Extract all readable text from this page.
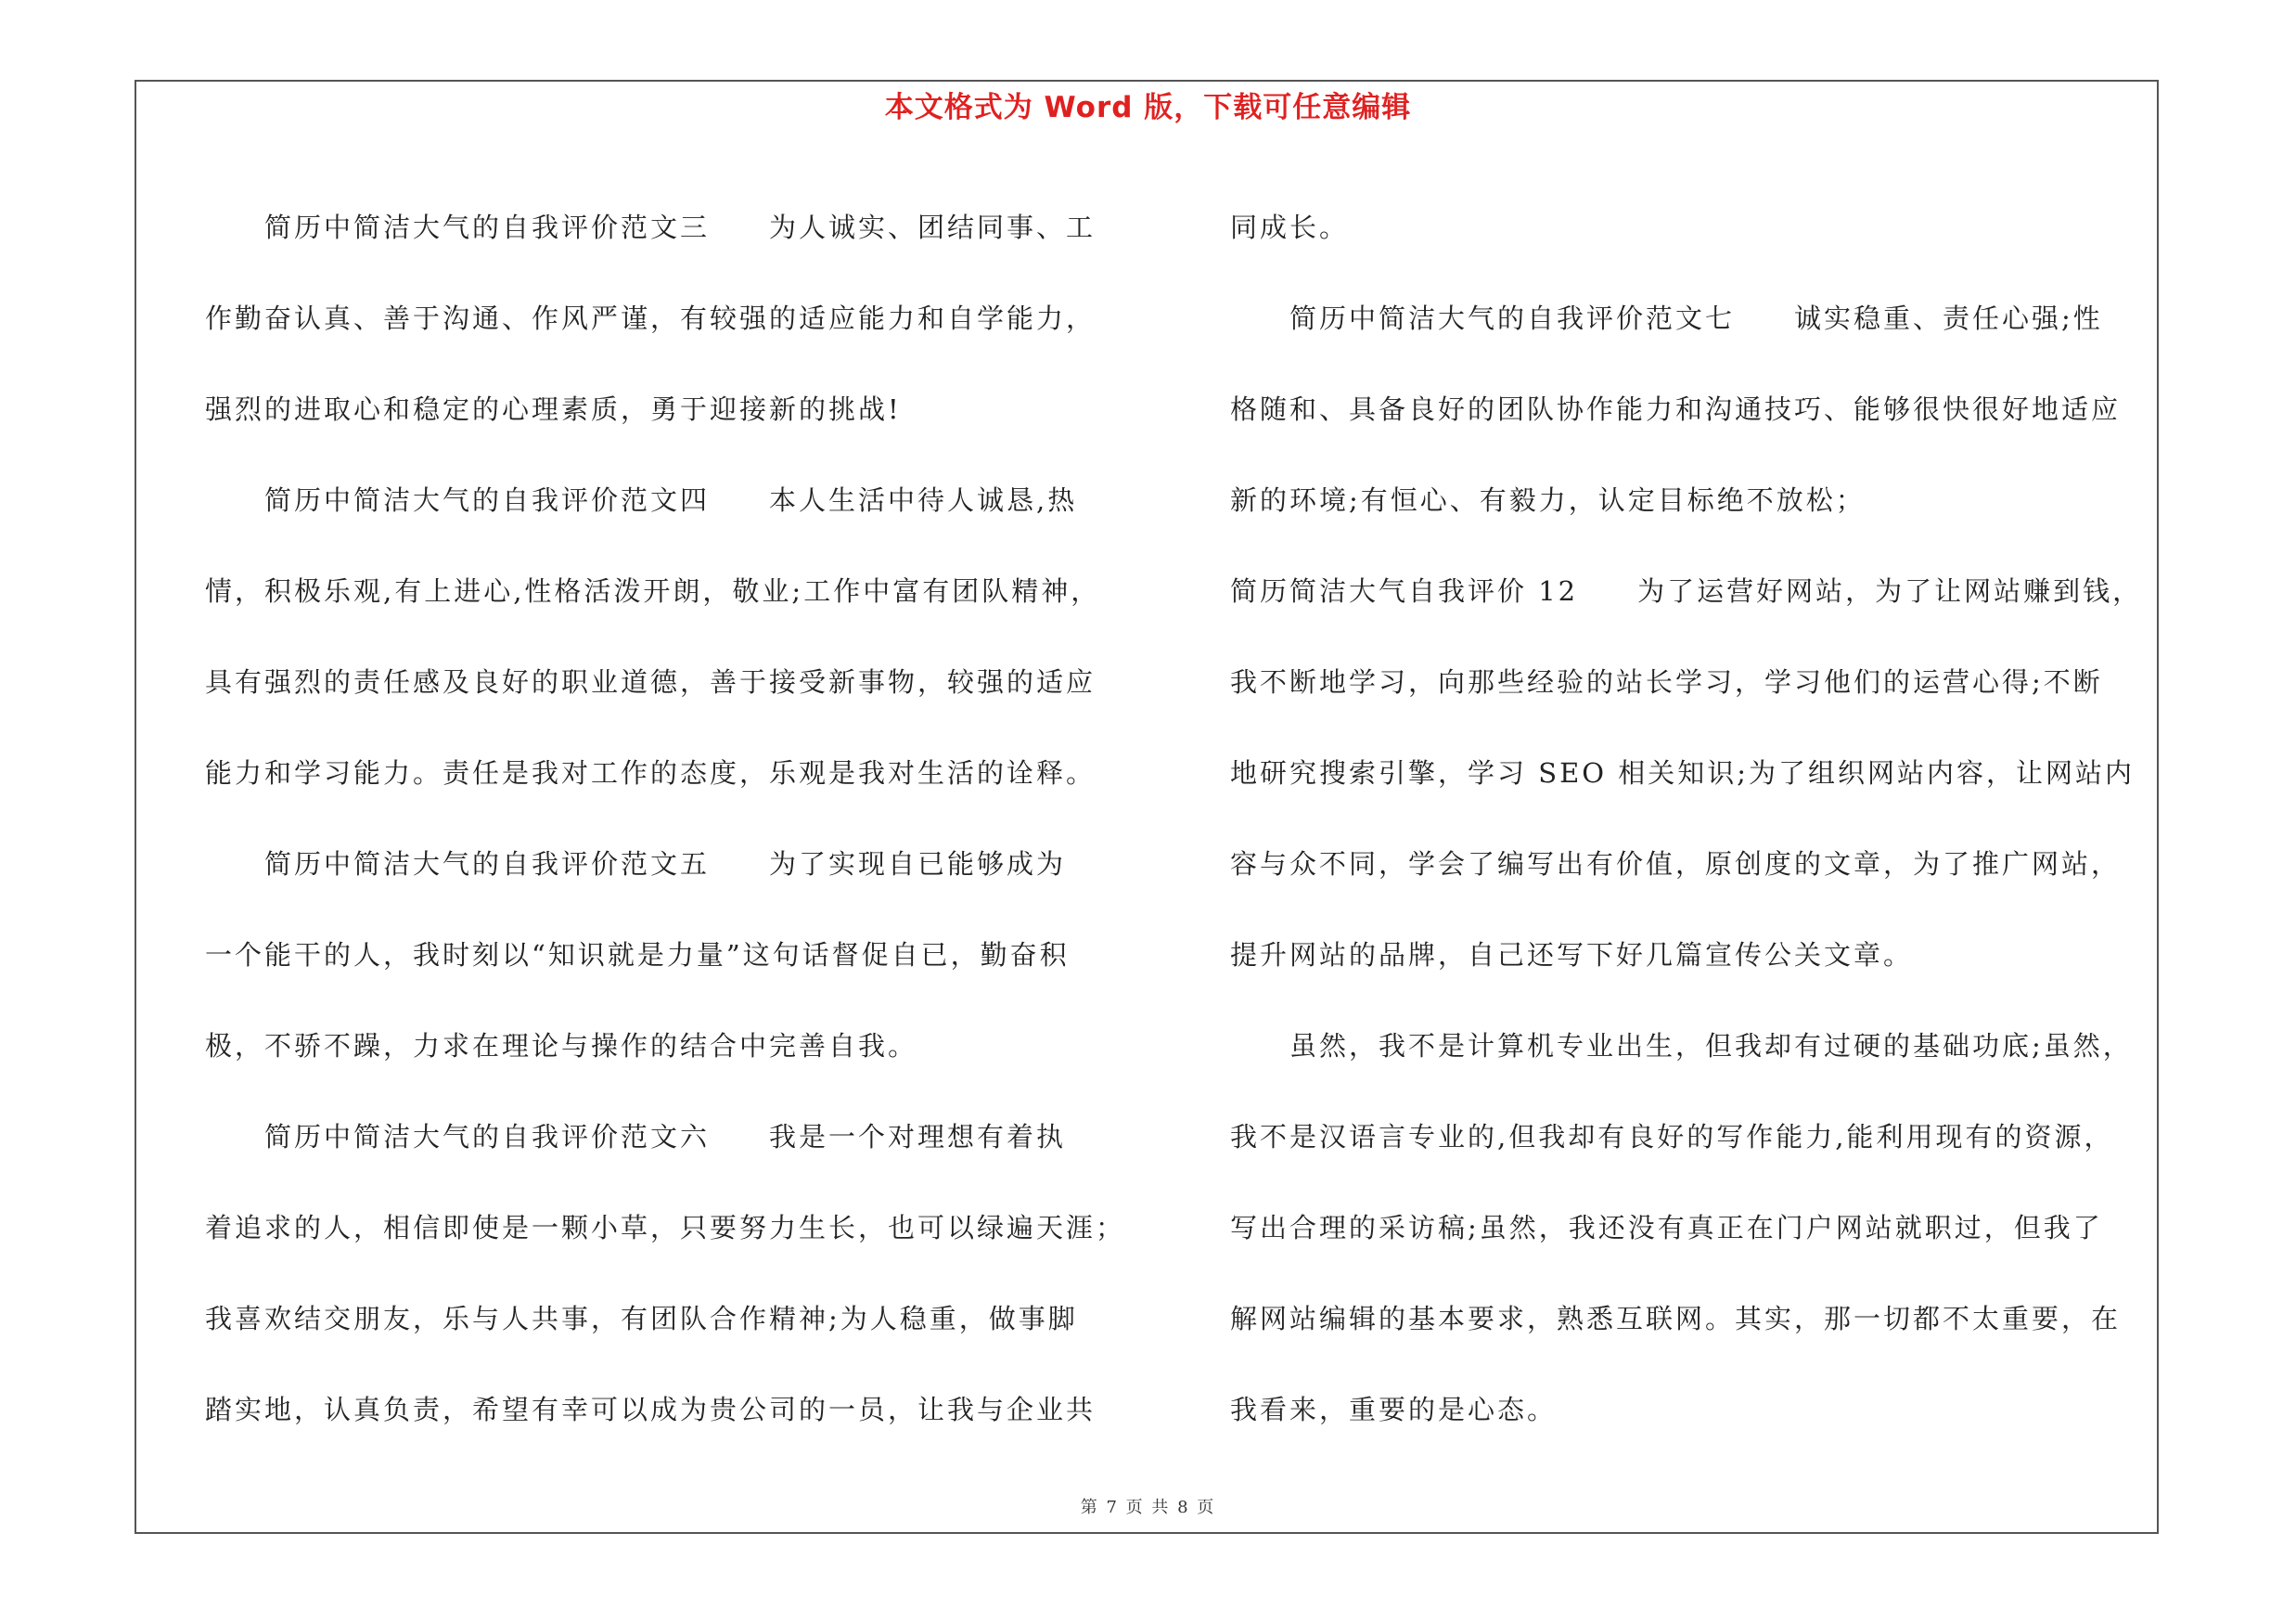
本文格式为 Word 版，下载可任意编辑
　　简历中简洁大气的自我评价范文三　　为人诚实、团结同事、工
作勤奋认真、善于沟通、作风严谨，有较强的适应能力和自学能力，
强烈的进取心和稳定的心理素质，勇于迎接新的挑战!
　　简历中简洁大气的自我评价范文四　　本人生活中待人诚恳,热
情，积极乐观,有上进心,性格活泼开朗，敬业;工作中富有团队精神，
具有强烈的责任感及良好的职业道德，善于接受新事物，较强的适应
能力和学习能力。责任是我对工作的态度，乐观是我对生活的诠释。
　　简历中简洁大气的自我评价范文五　　为了实现自已能够成为
一个能干的人，我时刻以“知识就是力量”这句话督促自已，勤奋积
极，不骄不躁，力求在理论与操作的结合中完善自我。
　　简历中简洁大气的自我评价范文六　　我是一个对理想有着执
着追求的人，相信即使是一颗小草，只要努力生长，也可以绿遍天涯；
我喜欢结交朋友，乐与人共事，有团队合作精神;为人稳重，做事脚
踏实地，认真负责，希望有幸可以成为贵公司的一员，让我与企业共
同成长。
　　简历中简洁大气的自我评价范文七　　诚实稳重、责任心强;性
格随和、具备良好的团队协作能力和沟通技巧、能够很快很好地适应
新的环境;有恒心、有毅力，认定目标绝不放松；
简历简洁大气自我评价 12　　为了运营好网站，为了让网站赚到钱，
我不断地学习，向那些经验的站长学习，学习他们的运营心得;不断
地研究搜索引擎，学习 SEO 相关知识;为了组织网站内容，让网站内
容与众不同，学会了编写出有价值，原创度的文章，为了推广网站，
提升网站的品牌，自己还写下好几篇宣传公关文章。
　　虽然，我不是计算机专业出生，但我却有过硬的基础功底;虽然，
我不是汉语言专业的,但我却有良好的写作能力,能利用现有的资源，
写出合理的采访稿;虽然，我还没有真正在门户网站就职过，但我了
解网站编辑的基本要求，熟悉互联网。其实，那一切都不太重要，在
我看来，重要的是心态。
第 7 页 共 8 页
